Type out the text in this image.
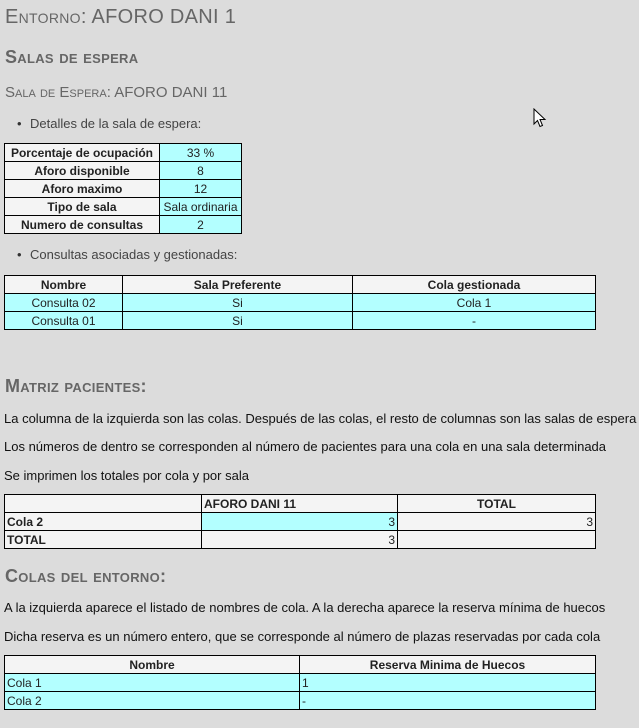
Entorno: AFORO DANI 1
Salas de espera
Sala de Espera: AFORO DANI 11
• Detalles de la sala de espera:
Porcentaje de ocupación	33 %
Aforo disponible	8
Aforo maximo	12
Tipo de sala	Sala ordinaria
Numero de consultas	2
• Consultas asociadas y gestionadas:
Nombre	Sala Preferente	Cola gestionada
Consulta 02	Si	Cola 1
Consulta 01	Si	-
Matriz pacientes:
La columna de la izquierda son las colas. Después de las colas, el resto de columnas son las salas de espera
Los números de dentro se corresponden al número de pacientes para una cola en una sala determinada
Se imprimen los totales por cola y por sala
	AFORO DANI 11	TOTAL
Cola 2	3	3
TOTAL	3	
Colas del entorno:
A la izquierda aparece el listado de nombres de cola. A la derecha aparece la reserva mínima de huecos
Dicha reserva es un número entero, que se corresponde al número de plazas reservadas por cada cola
Nombre	Reserva Minima de Huecos
Cola 1	1
Cola 2	-
